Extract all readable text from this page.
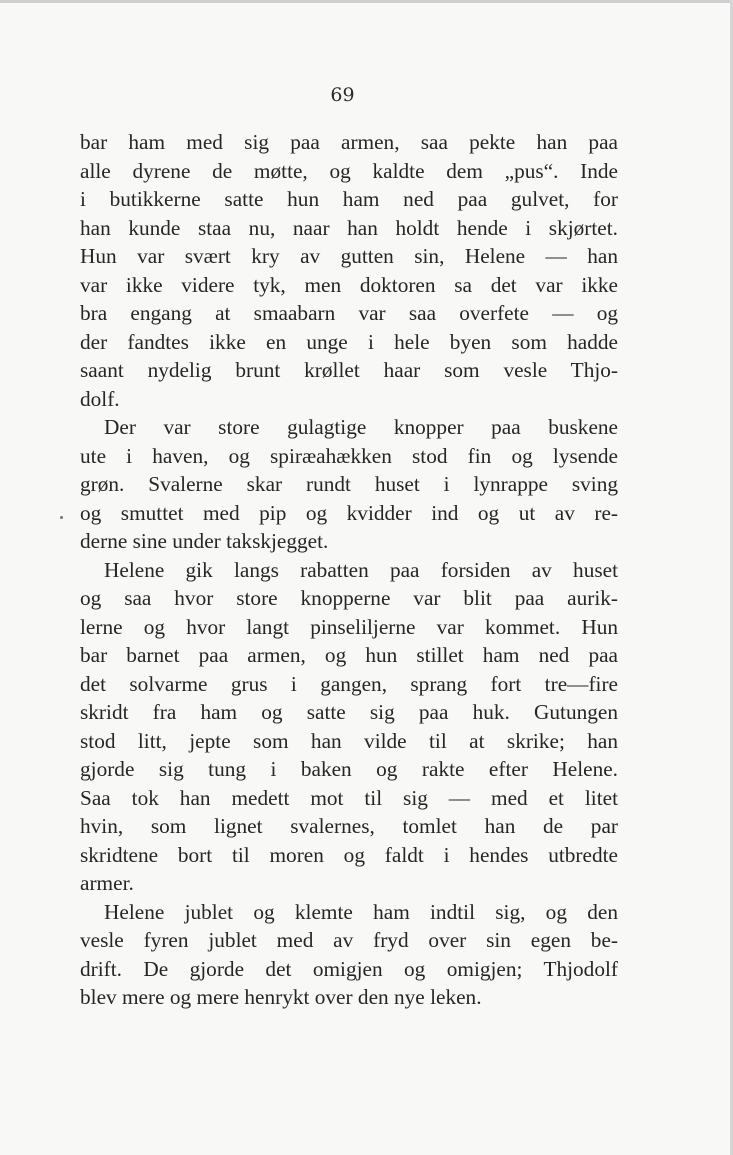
69
bar ham med sig paa armen, saa pekte han paa
alle dyrene de møtte, og kaldte dem „pus“. Inde
i butikkerne satte hun ham ned paa gulvet, for
han kunde staa nu, naar han holdt hende i skjørtet.
Hun var svært kry av gutten sin, Helene — han
var ikke videre tyk, men doktoren sa det var ikke
bra engang at smaabarn var saa overfete — og
der fandtes ikke en unge i hele byen som hadde
saant nydelig brunt krøllet haar som vesle Thjo-
dolf.
Der var store gulagtige knopper paa buskene
ute i haven, og spiræahækken stod fin og lysende
grøn. Svalerne skar rundt huset i lynrappe sving
og smuttet med pip og kvidder ind og ut av re-
derne sine under takskjegget.
Helene gik langs rabatten paa forsiden av huset
og saa hvor store knopperne var blit paa aurik-
lerne og hvor langt pinseliljerne var kommet. Hun
bar barnet paa armen, og hun stillet ham ned paa
det solvarme grus i gangen, sprang fort tre—fire
skridt fra ham og satte sig paa huk. Gutungen
stod litt, jepte som han vilde til at skrike; han
gjorde sig tung i baken og rakte efter Helene.
Saa tok han medett mot til sig — med et litet
hvin, som lignet svalernes, tomlet han de par
skridtene bort til moren og faldt i hendes utbredte
armer.
Helene jublet og klemte ham indtil sig, og den
vesle fyren jublet med av fryd over sin egen be-
drift. De gjorde det omigjen og omigjen; Thjodolf
blev mere og mere henrykt over den nye leken.
